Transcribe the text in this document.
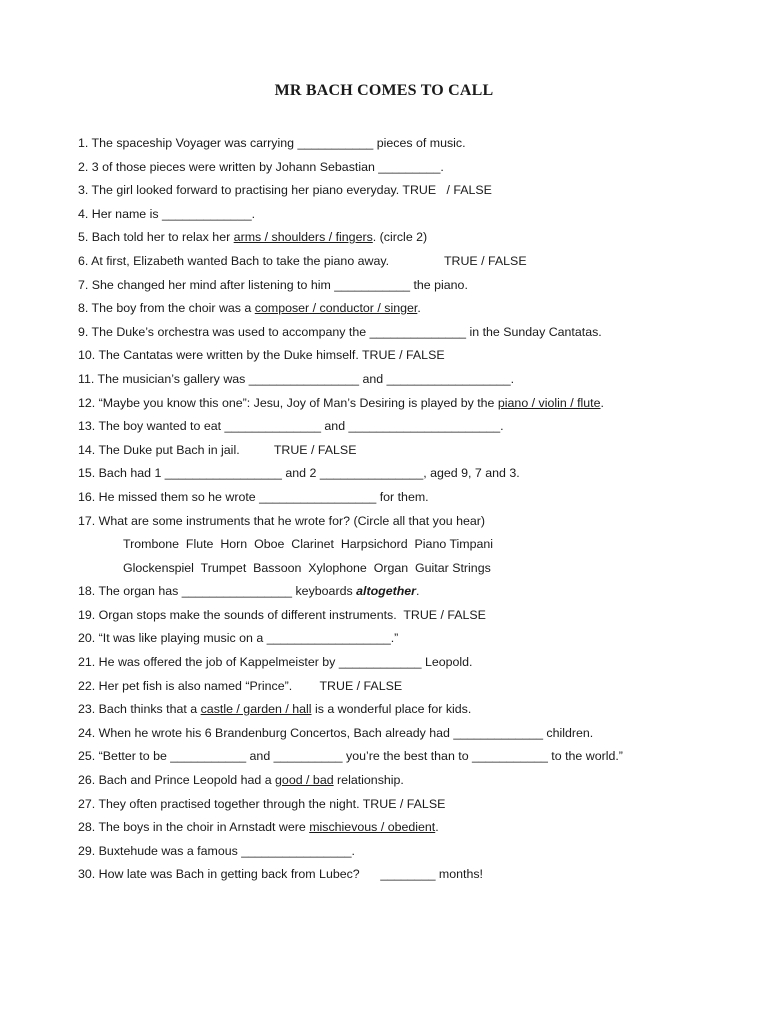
MR BACH COMES TO CALL
1. The spaceship Voyager was carrying ___________ pieces of music.
2. 3 of those pieces were written by Johann Sebastian _________.
3. The girl looked forward to practising her piano everyday. TRUE   / FALSE
4. Her name is _____________.
5. Bach told her to relax her arms / shoulders / fingers. (circle 2)
6. At first, Elizabeth wanted Bach to take the piano away.                TRUE / FALSE
7. She changed her mind after listening to him ___________ the piano.
8. The boy from the choir was a composer / conductor / singer.
9. The Duke’s orchestra was used to accompany the ______________ in the Sunday Cantatas.
10. The Cantatas were written by the Duke himself. TRUE / FALSE
11. The musician’s gallery was ________________ and __________________.
12. “Maybe you know this one”: Jesu, Joy of Man’s Desiring is played by the piano / violin / flute.
13. The boy wanted to eat ______________ and ______________________.
14. The Duke put Bach in jail.          TRUE / FALSE
15. Bach had 1 _________________ and 2 _______________, aged 9, 7 and 3.
16. He missed them so he wrote _________________ for them.
17. What are some instruments that he wrote for? (Circle all that you hear)
Trombone  Flute  Horn  Oboe  Clarinet  Harpsichord  Piano Timpani
Glockenspiel  Trumpet  Bassoon  Xylophone  Organ  Guitar Strings
18. The organ has ________________ keyboards altogether.
19. Organ stops make the sounds of different instruments.  TRUE / FALSE
20. “It was like playing music on a __________________.”
21. He was offered the job of Kappelmeister by ____________ Leopold.
22. Her pet fish is also named “Prince”.        TRUE / FALSE
23. Bach thinks that a castle / garden / hall is a wonderful place for kids.
24. When he wrote his 6 Brandenburg Concertos, Bach already had _____________ children.
25. “Better to be ___________ and __________ you’re the best than to ___________ to the world.”
26. Bach and Prince Leopold had a good / bad relationship.
27. They often practised together through the night. TRUE / FALSE
28. The boys in the choir in Arnstadt were mischievous / obedient.
29. Buxtehude was a famous ________________.
30. How late was Bach in getting back from Lubec?      ________ months!
